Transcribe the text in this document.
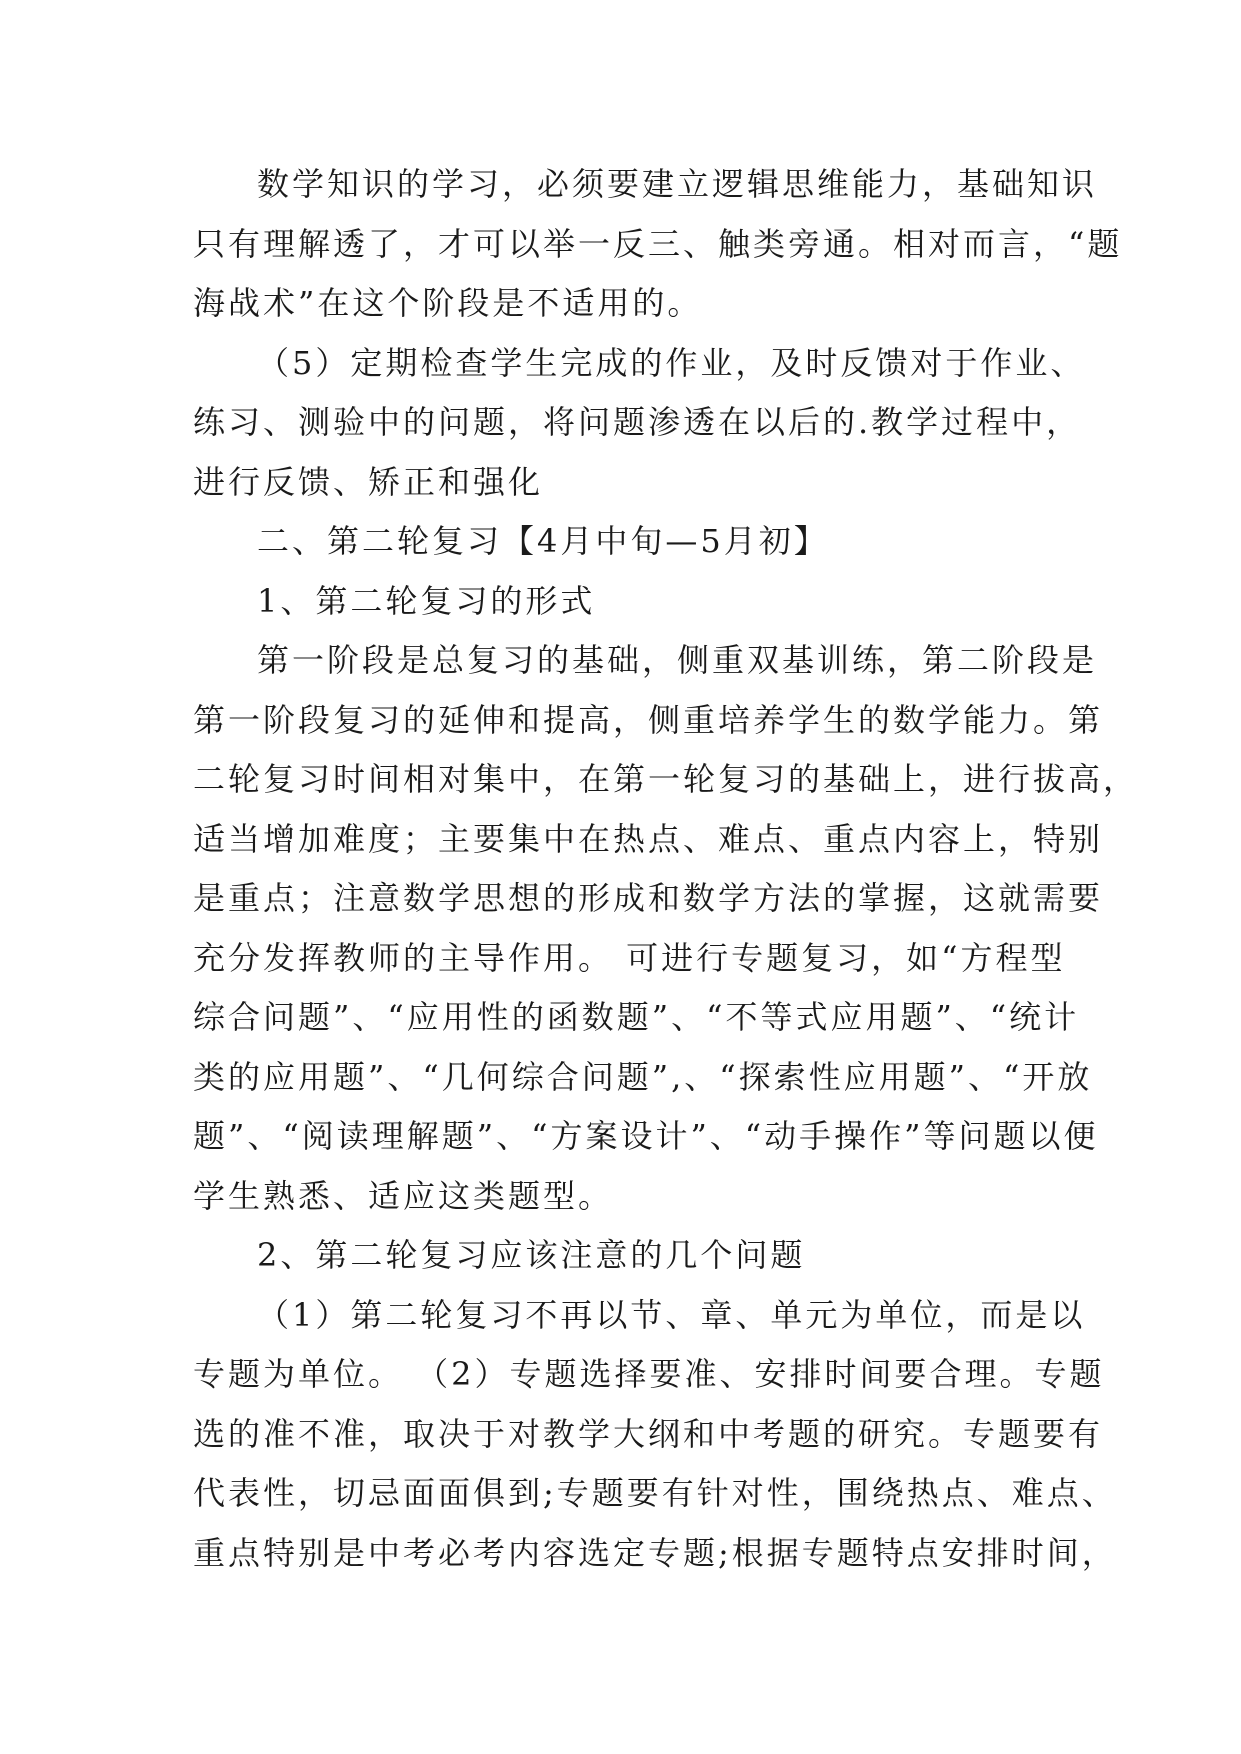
数学知识的学习，必须要建立逻辑思维能力，基础知识
只有理解透了，才可以举一反三、触类旁通。相对而言，“题
海战术”在这个阶段是不适用的。
（5）定期检查学生完成的作业，及时反馈对于作业、
练习、测验中的问题，将问题渗透在以后的.教学过程中，
进行反馈、矫正和强化
二、第二轮复习【4月中旬—5月初】
1、第二轮复习的形式
第一阶段是总复习的基础，侧重双基训练，第二阶段是
第一阶段复习的延伸和提高，侧重培养学生的数学能力。第
二轮复习时间相对集中，在第一轮复习的基础上，进行拔高，
适当增加难度；主要集中在热点、难点、重点内容上，特别
是重点；注意数学思想的形成和数学方法的掌握，这就需要
充分发挥教师的主导作用。 可进行专题复习，如“方程型
综合问题”、“应用性的函数题”、“不等式应用题”、“统计
类的应用题”、“几何综合问题”,、“探索性应用题”、“开放
题”、“阅读理解题”、“方案设计”、“动手操作”等问题以便
学生熟悉、适应这类题型。
2、第二轮复习应该注意的几个问题
（1）第二轮复习不再以节、章、单元为单位，而是以
专题为单位。 （2）专题选择要准、安排时间要合理。专题
选的准不准，取决于对教学大纲和中考题的研究。专题要有
代表性，切忌面面俱到;专题要有针对性，围绕热点、难点、
重点特别是中考必考内容选定专题;根据专题特点安排时间，
